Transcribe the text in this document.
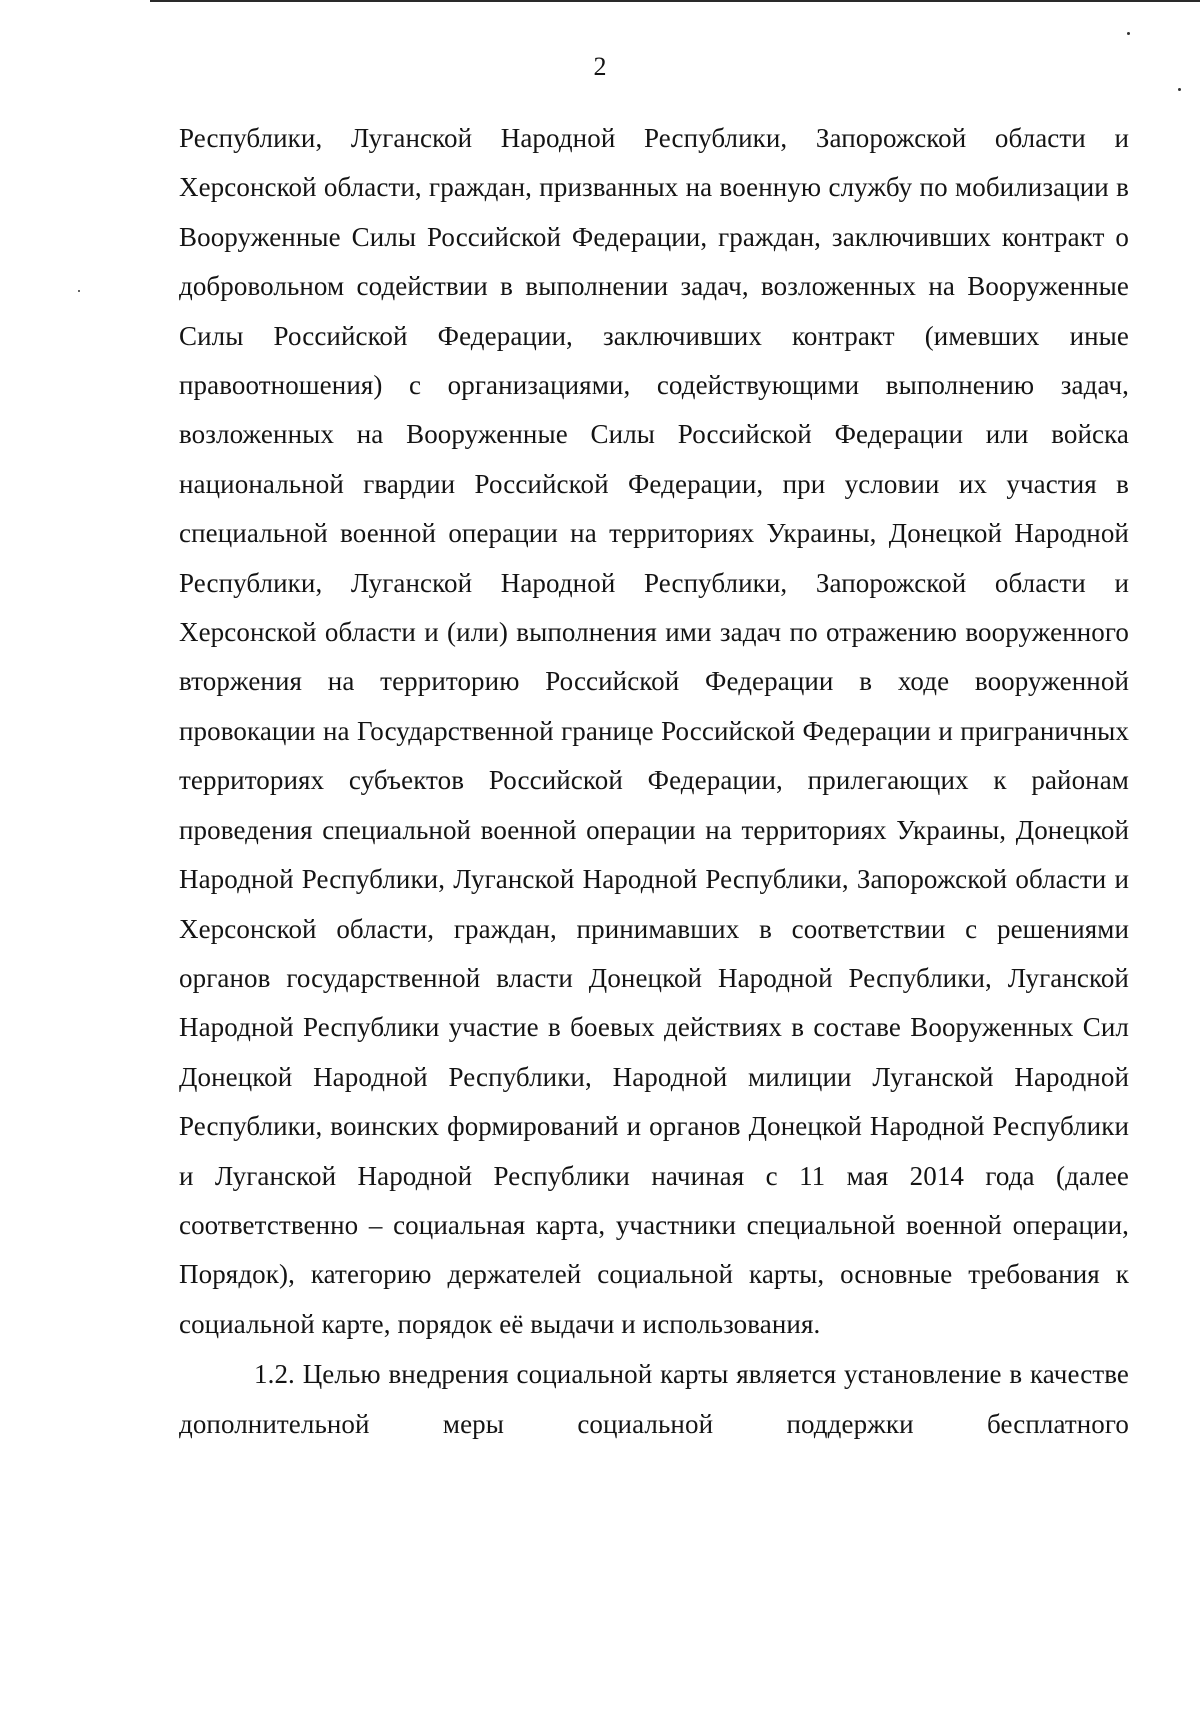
2

Республики, Луганской Народной Республики, Запорожской области и Херсонской области, граждан, призванных на военную службу по мобилизации в Вооруженные Силы Российской Федерации, граждан, заключивших контракт о добровольном содействии в выполнении задач, возложенных на Вооруженные Силы Российской Федерации, заключивших контракт (имевших иные правоотношения) с организациями, содействующими выполнению задач, возложенных на Вооруженные Силы Российской Федерации или войска национальной гвардии Российской Федерации, при условии их участия в специальной военной операции на территориях Украины, Донецкой Народной Республики, Луганской Народной Республики, Запорожской области и Херсонской области и (или) выполнения ими задач по отражению вооруженного вторжения на территорию Российской Федерации в ходе вооруженной провокации на Государственной границе Российской Федерации и приграничных территориях субъектов Российской Федерации, прилегающих к районам проведения специальной военной операции на территориях Украины, Донецкой Народной Республики, Луганской Народной Республики, Запорожской области и Херсонской области, граждан, принимавших в соответствии с решениями органов государственной власти Донецкой Народной Республики, Луганской Народной Республики участие в боевых действиях в составе Вооруженных Сил Донецкой Народной Республики, Народной милиции Луганской Народной Республики, воинских формирований и органов Донецкой Народной Республики и Луганской Народной Республики начиная с 11 мая 2014 года (далее соответственно – социальная карта, участники специальной военной операции, Порядок), категорию держателей социальной карты, основные требования к социальной карте, порядок её выдачи и использования.

1.2. Целью внедрения социальной карты является установление в качестве дополнительной меры социальной поддержки бесплатного
